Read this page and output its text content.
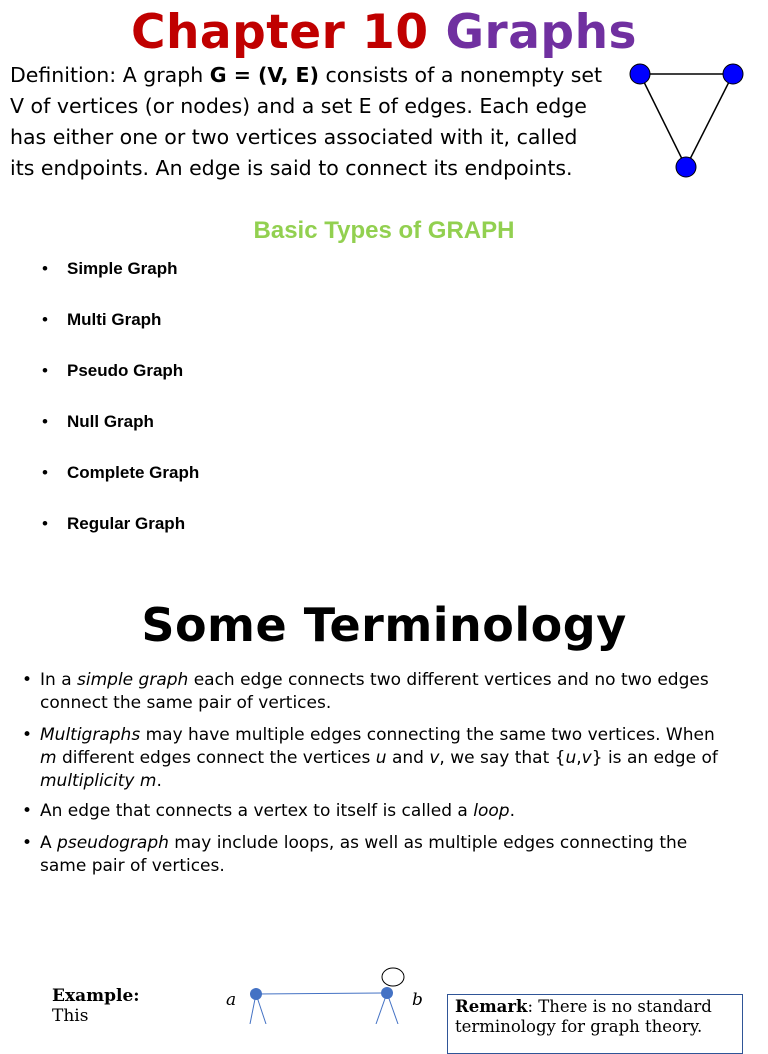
Chapter 10 Graphs
Definition: A graph G = (V, E) consists of a nonempty set
V of vertices (or nodes) and a set E of edges. Each edge
has either one or two vertices associated with it, called
its endpoints. An edge is said to connect its endpoints.
Basic Types of GRAPH
• Simple Graph
• Multi Graph
• Pseudo Graph
• Null Graph
• Complete Graph
• Regular Graph
Some Terminology
• In a simple graph each edge connects two different vertices and no two edges
connect the same pair of vertices.
• Multigraphs may have multiple edges connecting the same two vertices. When
m different edges connect the vertices u and v, we say that {u,v} is an edge of
multiplicity m.
• An edge that connects a vertex to itself is called a loop.
• A pseudograph may include loops, as well as multiple edges connecting the
same pair of vertices.
Example:
This
a	b Remark: There is no standard
terminology for graph theory.
